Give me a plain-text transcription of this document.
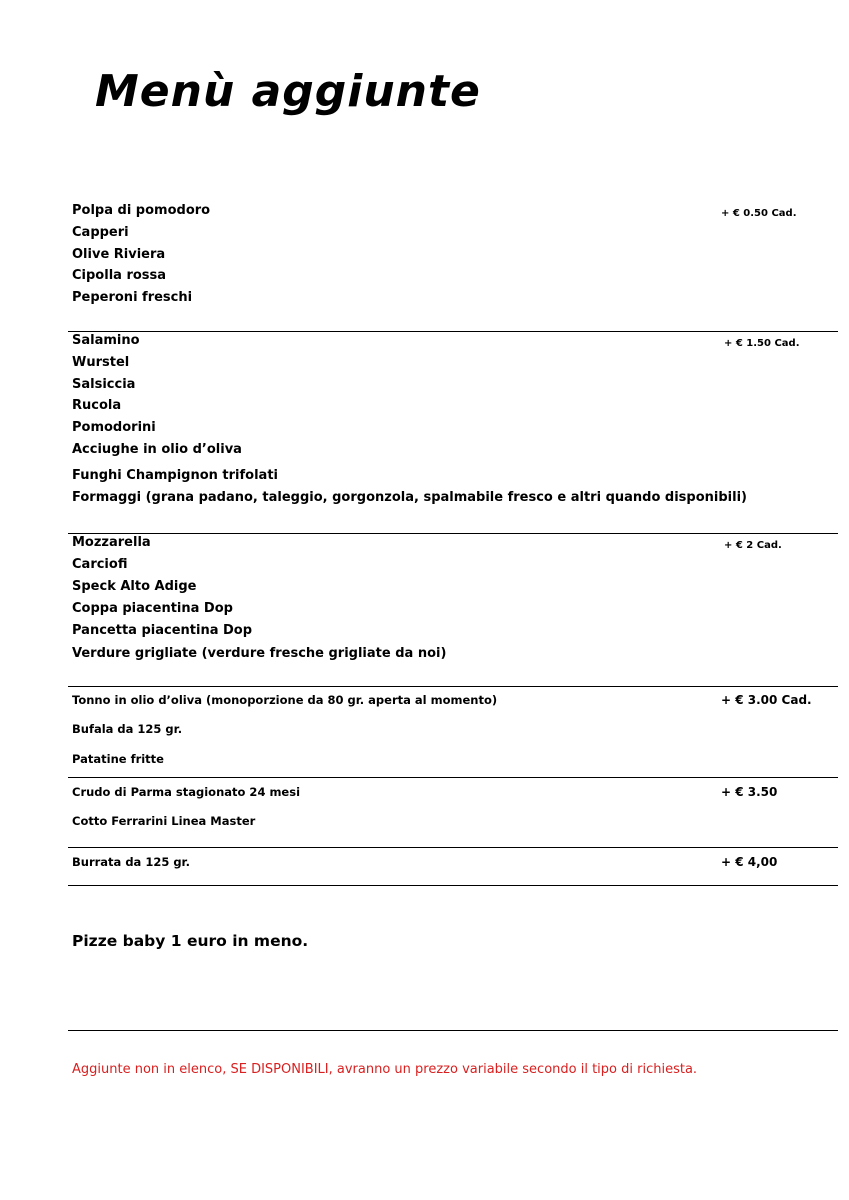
Menù aggiunte

Polpa di pomodoro

Capperi

Olive Riviera

Cipolla rossa

Peperoni freschi

+ € 0.50 Cad.

Salamino

Wurstel

Salsiccia

Rucola

Pomodorini

Acciughe in olio d’oliva

Funghi Champignon trifolati

Formaggi (grana padano, taleggio, gorgonzola, spalmabile fresco e altri quando disponibili)

+ € 1.50 Cad.

Mozzarella

Carciofi

Speck Alto Adige

Coppa piacentina Dop

Pancetta piacentina Dop

Verdure grigliate (verdure fresche grigliate da noi)

+ € 2 Cad.

Tonno in olio d’oliva (monoporzione da 80 gr. aperta al momento)

Bufala da 125 gr.

Patatine fritte

+ € 3.00 Cad.

Crudo di Parma stagionato 24 mesi

Cotto Ferrarini Linea Master

+ € 3.50

Burrata da 125 gr.	+ € 4,00

Pizze baby 1 euro in meno.

Aggiunte non in elenco, SE DISPONIBILI, avranno un prezzo variabile secondo il tipo di richiesta.
